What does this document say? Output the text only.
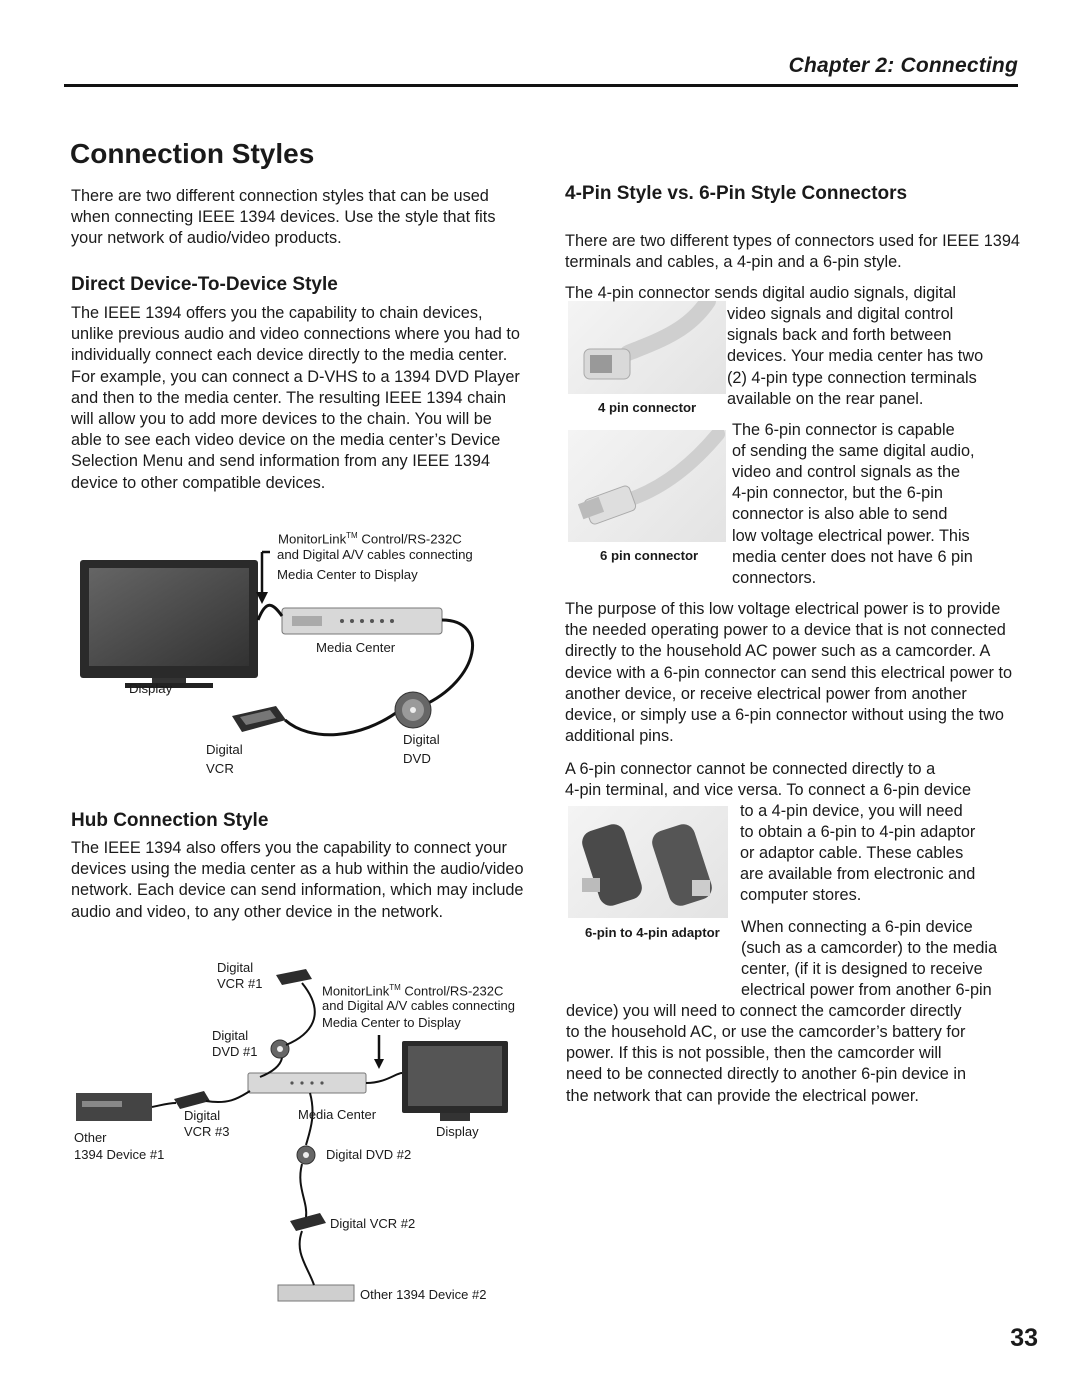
Chapter 2: Connecting
Connection Styles

There are two different connection styles that can be used when connecting IEEE 1394 devices. Use the style that fits your network of audio/video products.

Direct Device-To-Device Style

The IEEE 1394 offers you the capability to chain devices, unlike previous audio and video connections where you had to individually connect each device directly to the media center. For example, you can connect a D-VHS to a 1394 DVD Player and then to the media center. The resulting IEEE 1394 chain will allow you to add more devices to the chain. You will be able to see each video device on the media center’s Device Selection Menu and send information from any IEEE 1394 device to other compatible devices.

MonitorLink™ Control/RS-232C
and Digital A/V cables connecting
Media Center to Display
Media Center
Display
Digital
VCR
Digital
DVD
Hub Connection Style

The IEEE 1394 also offers you the capability to connect your devices using the media center as a hub within the audio/video network. Each device can send information, which may include audio and video, to any other device in the network.

Digital
VCR #1	MonitorLink™ Control/RS-232C
and Digital A/V cables connecting
Media Center to Display
Digital
DVD #1
Digital
VCR #3
Media Center
Display
Other
1394 Device #1	Digital DVD #2
Digital VCR #2
Other 1394 Device #2
4-Pin Style vs. 6-Pin Style Connectors

There are two different types of connectors used for IEEE 1394 terminals and cables, a 4-pin and a 6-pin style.

4 pin connector

The 4-pin connector sends digital audio signals, digital

video signals and digital control

signals back and forth between

devices. Your media center has two

(2) 4-pin type connection terminals

available on the rear panel.

6 pin connector

The 6-pin connector is capable

of sending the same digital audio,

video and control signals as the

4-pin connector, but the 6-pin

connector is also able to send

low voltage electrical power. This

media center does not have 6 pin

connectors.

The purpose of this low voltage electrical power is to provide the needed operating power to a device that is not connected directly to the household AC power such as a camcorder. A device with a 6-pin connector can send this electrical power to another device, or receive electrical power from another device, or simply use a 6-pin connector without using the two additional pins.

A 6-pin connector cannot be connected directly to a

4-pin terminal, and vice versa. To connect a 6-pin device

to a 4-pin device, you will need

to obtain a 6-pin to 4-pin adaptor

or adaptor cable. These cables

are available from electronic and

computer stores.

6-pin to 4-pin adaptor When connecting a 6-pin device

(such as a camcorder) to the media

center, (if it is designed to receive

electrical power from another 6-pin

device) you will need to connect the camcorder directly

to the household AC, or use the camcorder’s battery for

power. If this is not possible, then the camcorder will

need to be connected directly to another 6-pin device in

the network that can provide the electrical power.

33
